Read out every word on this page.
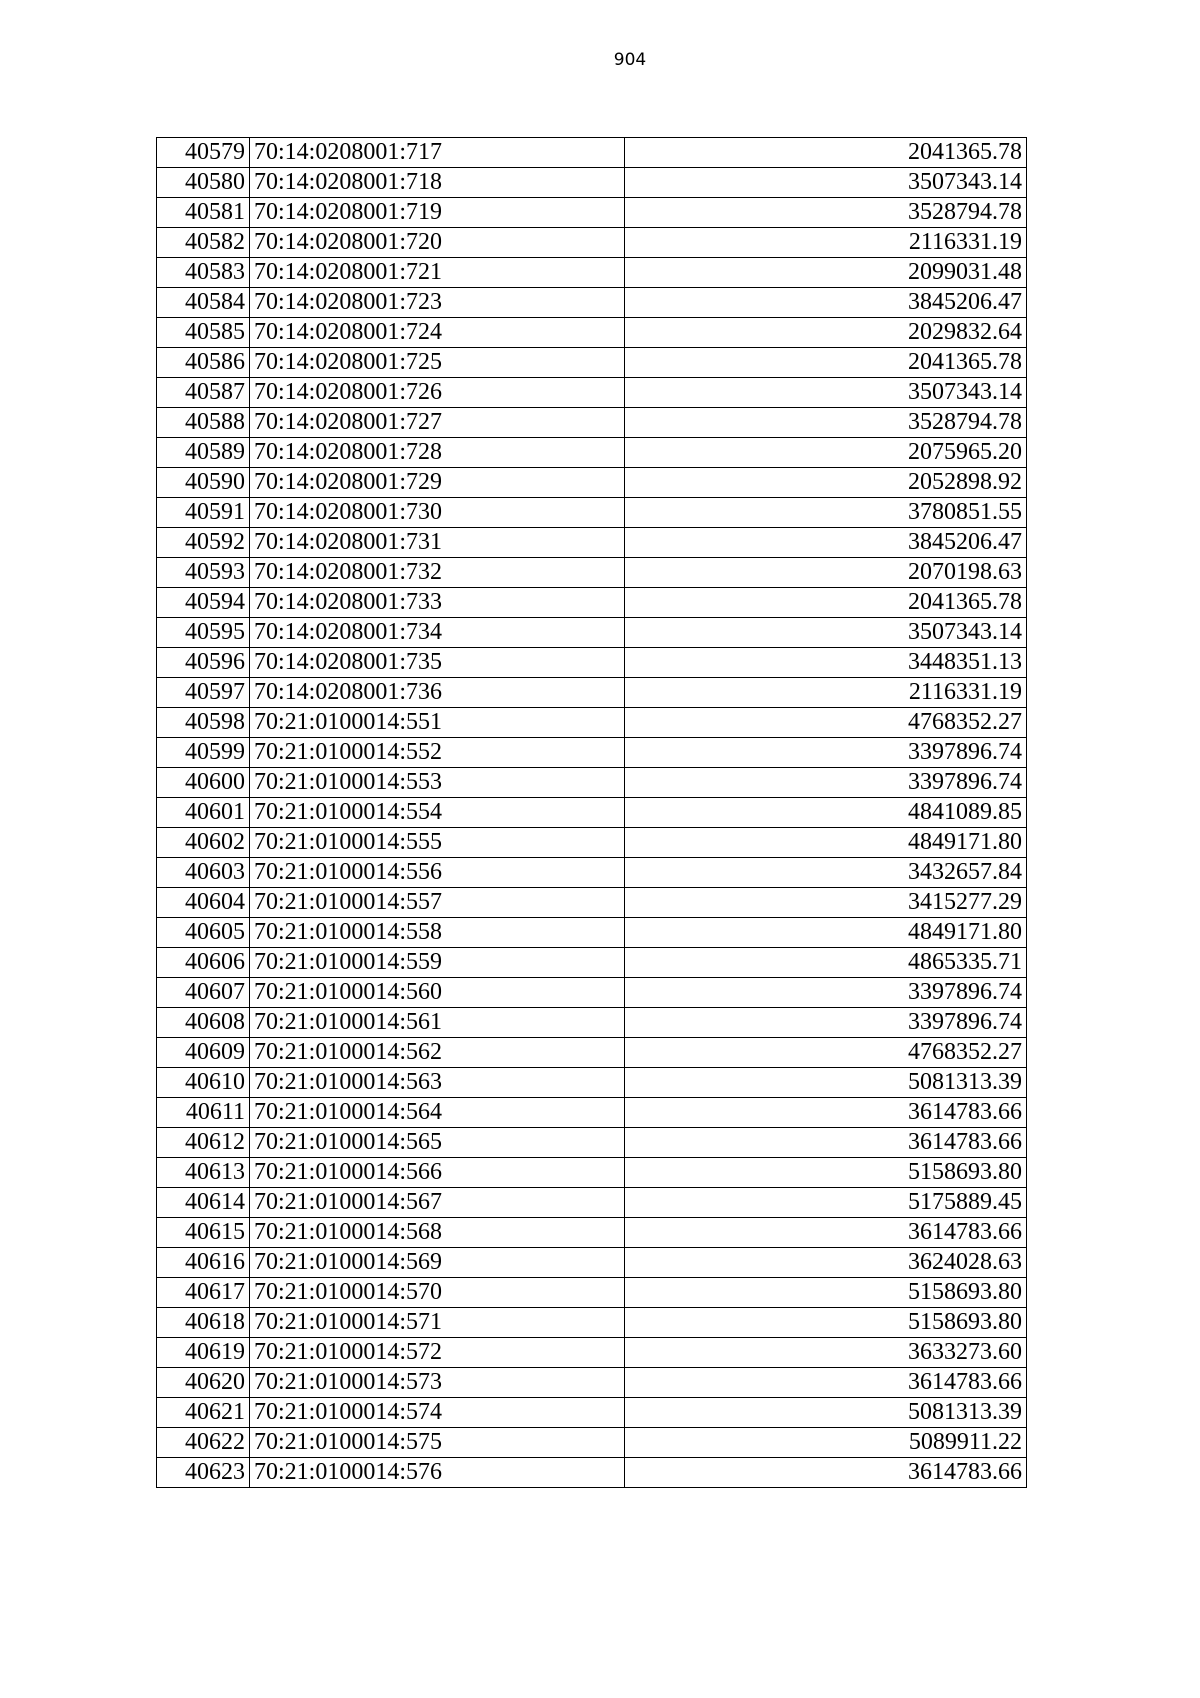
904
40579	70:14:0208001:717	2041365.78
40580	70:14:0208001:718	3507343.14
40581	70:14:0208001:719	3528794.78
40582	70:14:0208001:720	2116331.19
40583	70:14:0208001:721	2099031.48
40584	70:14:0208001:723	3845206.47
40585	70:14:0208001:724	2029832.64
40586	70:14:0208001:725	2041365.78
40587	70:14:0208001:726	3507343.14
40588	70:14:0208001:727	3528794.78
40589	70:14:0208001:728	2075965.20
40590	70:14:0208001:729	2052898.92
40591	70:14:0208001:730	3780851.55
40592	70:14:0208001:731	3845206.47
40593	70:14:0208001:732	2070198.63
40594	70:14:0208001:733	2041365.78
40595	70:14:0208001:734	3507343.14
40596	70:14:0208001:735	3448351.13
40597	70:14:0208001:736	2116331.19
40598	70:21:0100014:551	4768352.27
40599	70:21:0100014:552	3397896.74
40600	70:21:0100014:553	3397896.74
40601	70:21:0100014:554	4841089.85
40602	70:21:0100014:555	4849171.80
40603	70:21:0100014:556	3432657.84
40604	70:21:0100014:557	3415277.29
40605	70:21:0100014:558	4849171.80
40606	70:21:0100014:559	4865335.71
40607	70:21:0100014:560	3397896.74
40608	70:21:0100014:561	3397896.74
40609	70:21:0100014:562	4768352.27
40610	70:21:0100014:563	5081313.39
40611	70:21:0100014:564	3614783.66
40612	70:21:0100014:565	3614783.66
40613	70:21:0100014:566	5158693.80
40614	70:21:0100014:567	5175889.45
40615	70:21:0100014:568	3614783.66
40616	70:21:0100014:569	3624028.63
40617	70:21:0100014:570	5158693.80
40618	70:21:0100014:571	5158693.80
40619	70:21:0100014:572	3633273.60
40620	70:21:0100014:573	3614783.66
40621	70:21:0100014:574	5081313.39
40622	70:21:0100014:575	5089911.22
40623	70:21:0100014:576	3614783.66
